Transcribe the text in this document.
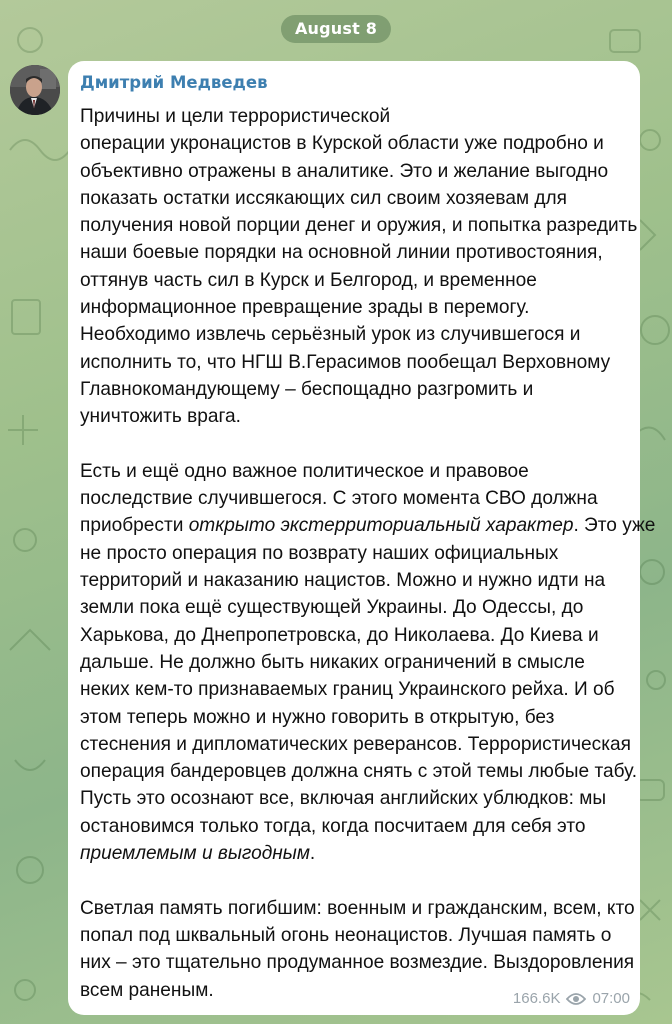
August 8
Дмитрий Медведев
Причины и цели террористической
операции укронацистов в Курской области уже подробно и
объективно отражены в аналитике. Это и желание выгодно
показать остатки иссякающих сил своим хозяевам для
получения новой порции денег и оружия, и попытка разредить
наши боевые порядки на основной линии противостояния,
оттянув часть сил в Курск и Белгород, и временное
информационное превращение зрады в перемогу.
Необходимо извлечь серьёзный урок из случившегося и
исполнить то, что НГШ В.Герасимов пообещал Верховному
Главнокомандующему – беспощадно разгромить и
уничтожить врага.
Есть и ещё одно важное политическое и правовое
последствие случившегося. С этого момента СВО должна
приобрести открыто экстерриториальный характер. Это уже
не просто операция по возврату наших официальных
территорий и наказанию нацистов. Можно и нужно идти на
земли пока ещё существующей Украины. До Одессы, до
Харькова, до Днепропетровска, до Николаева. До Киева и
дальше. Не должно быть никаких ограничений в смысле
неких кем-то признаваемых границ Украинского рейха. И об
этом теперь можно и нужно говорить в открытую, без
стеснения и дипломатических реверансов. Террористическая
операция бандеровцев должна снять с этой темы любые табу.
Пусть это осознают все, включая английских ублюдков: мы
остановимся только тогда, когда посчитаем для себя это
приемлемым и выгодным.
Светлая память погибшим: военным и гражданским, всем, кто
попал под шквальный огонь неонацистов. Лучшая память о
них – это тщательно продуманное возмездие. Выздоровления
всем раненым.	166.6K 07:00
